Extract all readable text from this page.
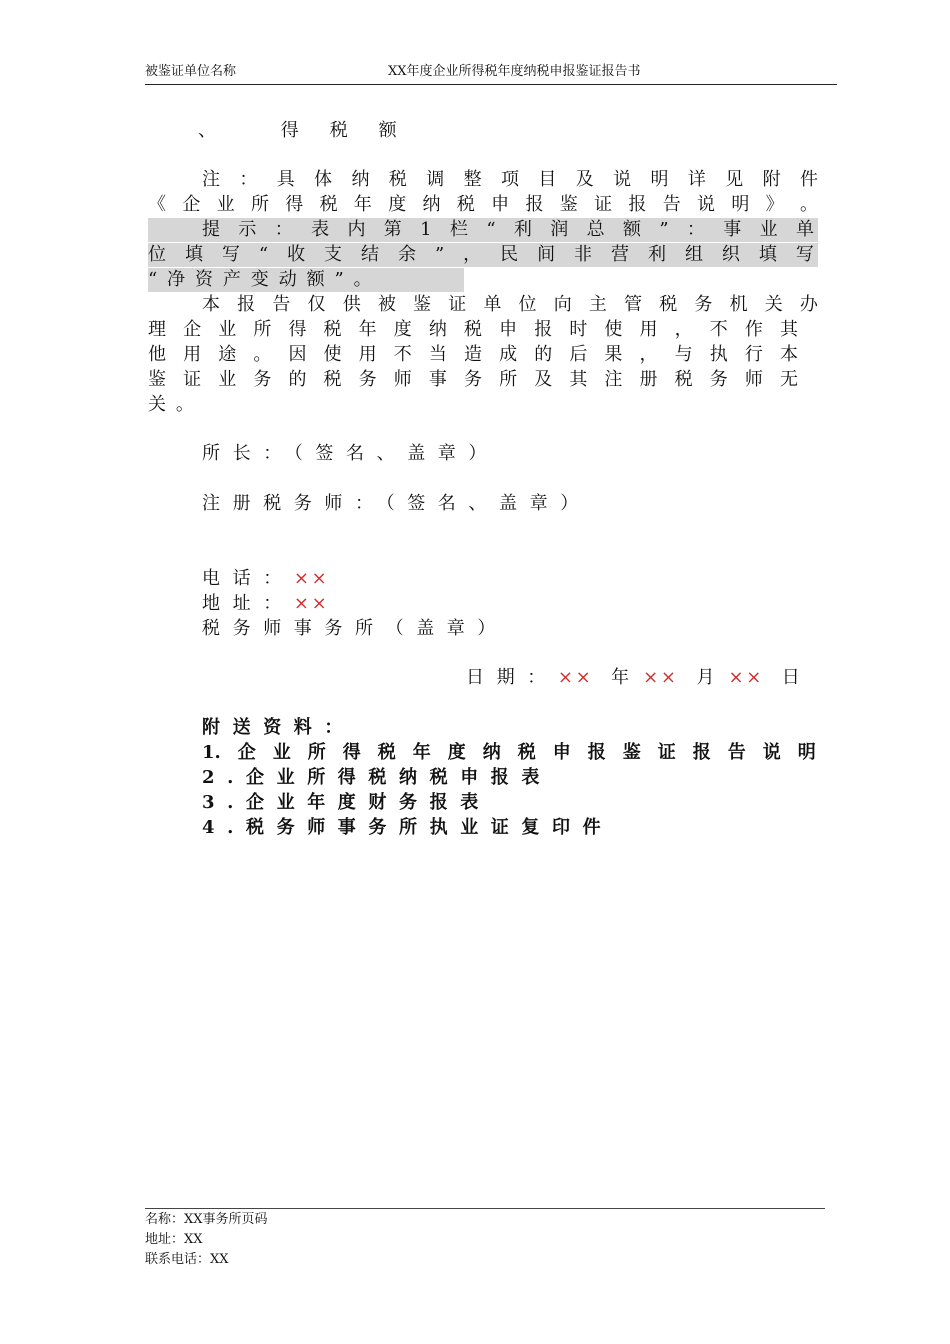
被鉴证单位名称	XX年度企业所得税年度纳税申报鉴证报告书
、　　得 税 额
注 ： 具 体 纳 税 调 整 项 目 及 说 明 详 见 附 件
《 企 业 所 得 税 年 度 纳 税 申 报 鉴 证 报 告 说 明 》 。
提 示 ： 表 内 第 1 栏 “ 利 润 总 额 ” ： 事 业 单
位 填 写 “ 收 支 结 余 ” ， 民 间 非 营 利 组 织 填 写
“净资产变动额”。
本 报 告 仅 供 被 鉴 证 单 位 向 主 管 税 务 机 关 办
理 企 业 所 得 税 年 度 纳 税 申 报 时 使 用 ， 不 作 其
他 用 途 。 因 使 用 不 当 造 成 的 后 果 ， 与 执 行 本
鉴 证 业 务 的 税 务 师 事 务 所 及 其 注 册 税 务 师 无
关。
所长：（签名、盖章）
注册税务师：（签名、盖章）
电话：××
地址：××
税务师事务所（盖章）
日期：×× 年 ×× 月 ×× 日
附送资料：
1. 企 业 所 得 税 年 度 纳 税 申 报 鉴 证 报 告 说 明
2.企业所得税纳税申报表
3.企业年度财务报表
4.税务师事务所执业证复印件
名称：XX事务所页码
地址：XX
联系电话：XX
